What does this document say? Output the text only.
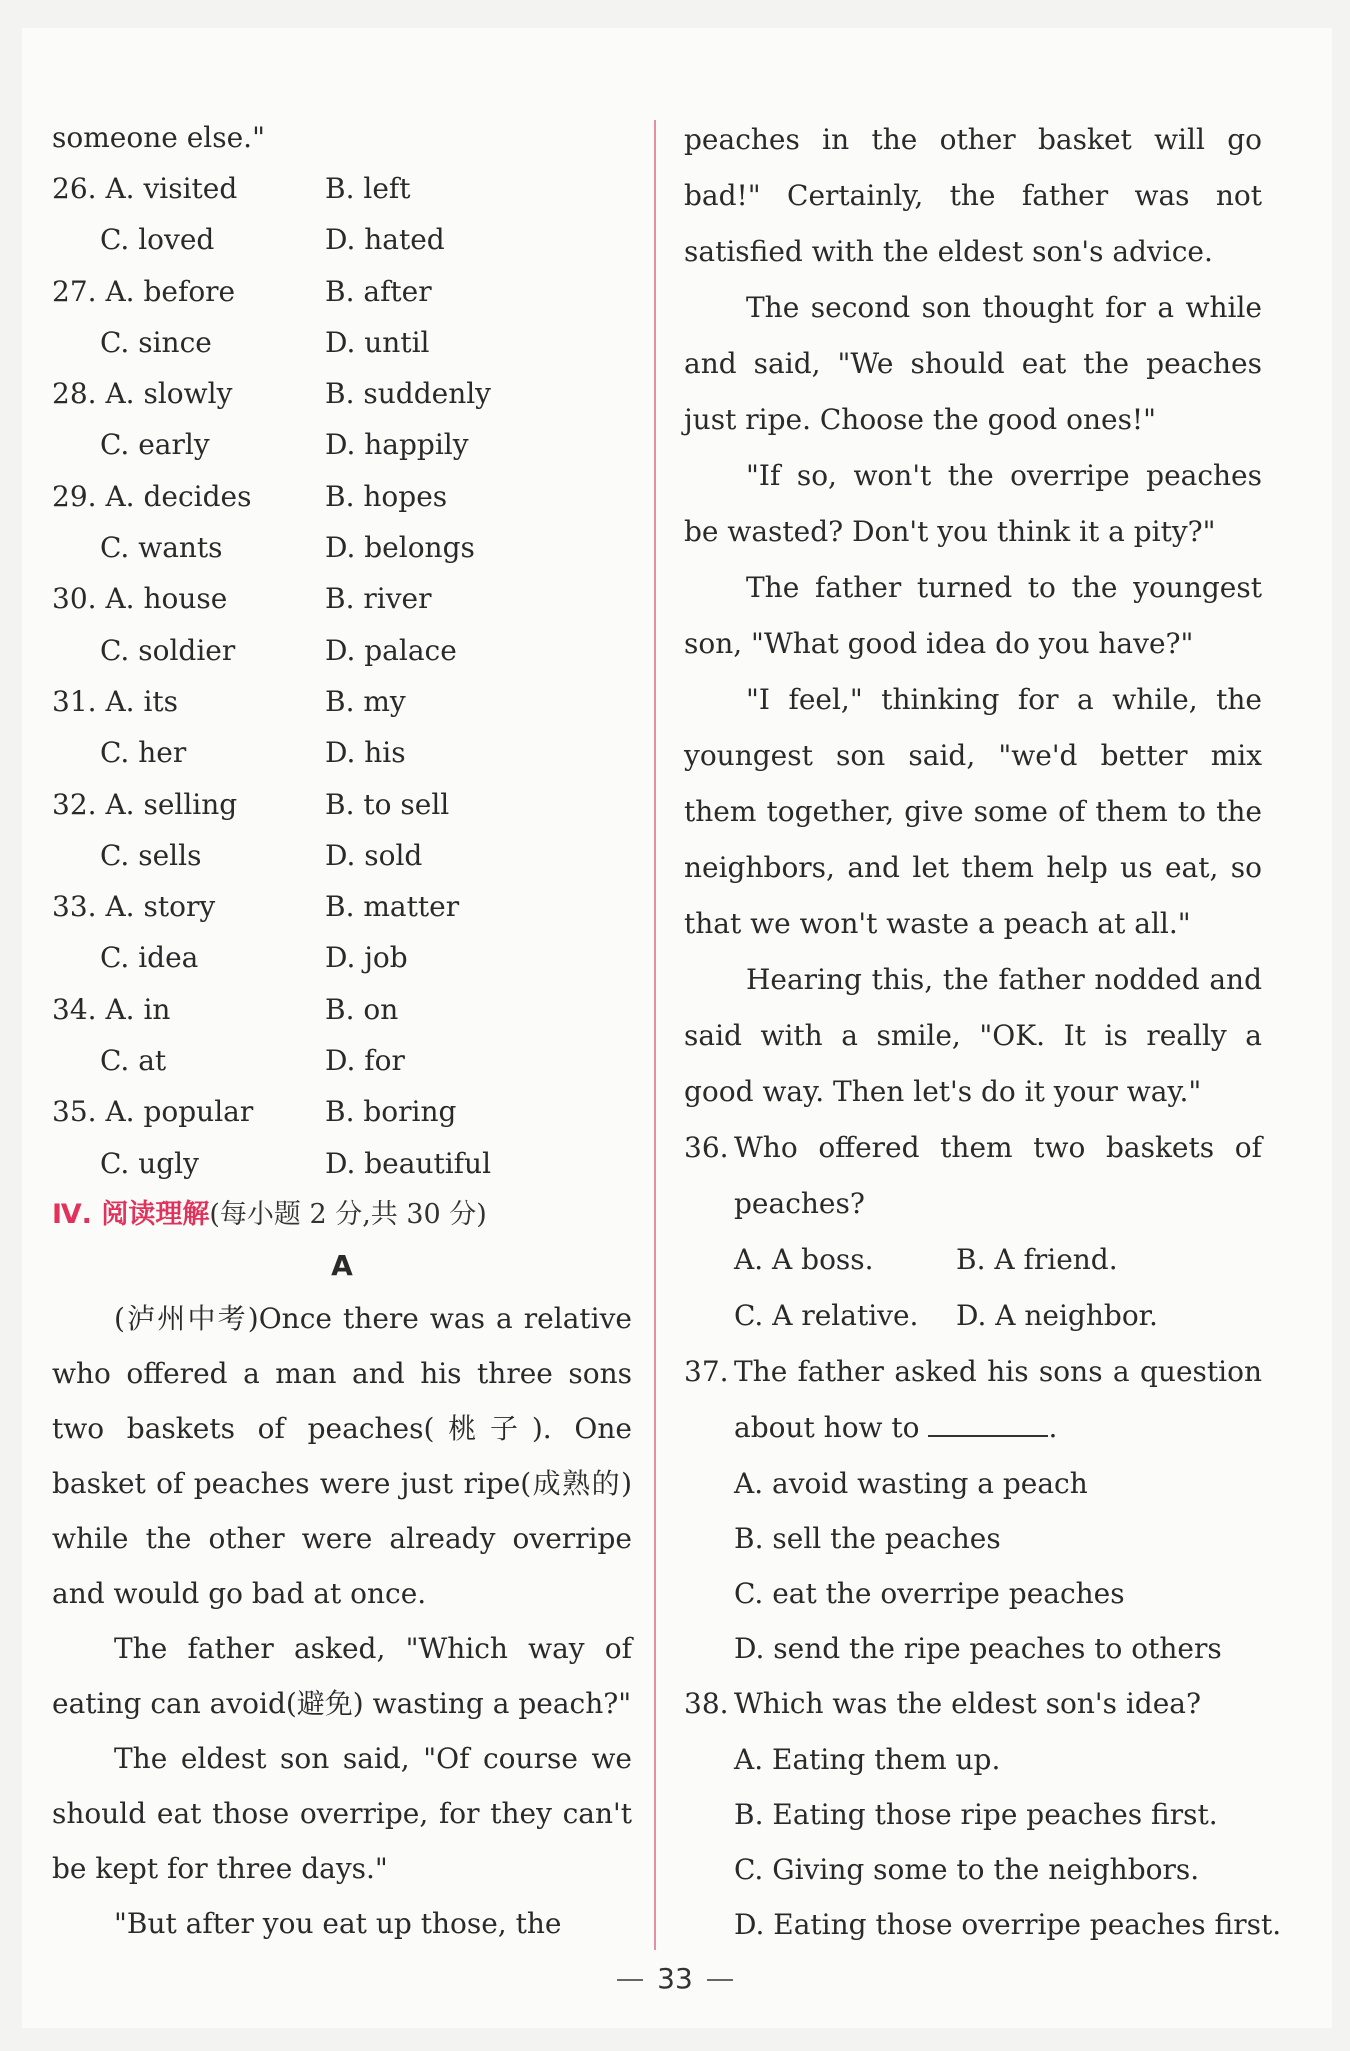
someone else."
26. A. visited	B. left
C. loved	D. hated
27. A. before	B. after
C. since	D. until
28. A. slowly	B. suddenly
C. early	D. happily
29. A. decides	B. hopes
C. wants	D. belongs
30. A. house	B. river
C. soldier	D. palace
31. A. its	B. my
C. her	D. his
32. A. selling	B. to sell
C. sells	D. sold
33. A. story	B. matter
C. idea	D. job
34. A. in	B. on
C. at	D. for
35. A. popular	B. boring
C. ugly	D. beautiful
Ⅳ. 阅读理解(每小题 2 分,共 30 分)
A

(泸州中考)Once there was a relative who offered a man and his three sons two baskets of peaches(桃子). One basket of peaches were just ripe(成熟的) while the other were already overripe and would go bad at once.

The father asked, "Which way of eating can avoid(避免) wasting a peach?"

The eldest son said, "Of course we should eat those overripe, for they can't be kept for three days."

"But after you eat up those, the

peaches in the other basket will go bad!" Certainly, the father was not satisfied with the eldest son's advice.

The second son thought for a while and said, "We should eat the peaches just ripe. Choose the good ones!"

"If so, won't the overripe peaches be wasted? Don't you think it a pity?"

The father turned to the youngest son, "What good idea do you have?"

"I feel," thinking for a while, the youngest son said, "we'd better mix them together, give some of them to the neighbors, and let them help us eat, so that we won't waste a peach at all."

Hearing this, the father nodded and said with a smile, "OK. It is really a good way. Then let's do it your way."

36. Who offered them two baskets of peaches?
A. A boss.	B. A friend.
C. A relative.	D. A neighbor.
37. The father asked his sons a question about how to	.
A. avoid wasting a peach
B. sell the peaches
C. eat the overripe peaches
D. send the ripe peaches to others
38. Which was the eldest son's idea?
A. Eating them up.
B. Eating those ripe peaches first.
C. Giving some to the neighbors.
D. Eating those overripe peaches first.
33
